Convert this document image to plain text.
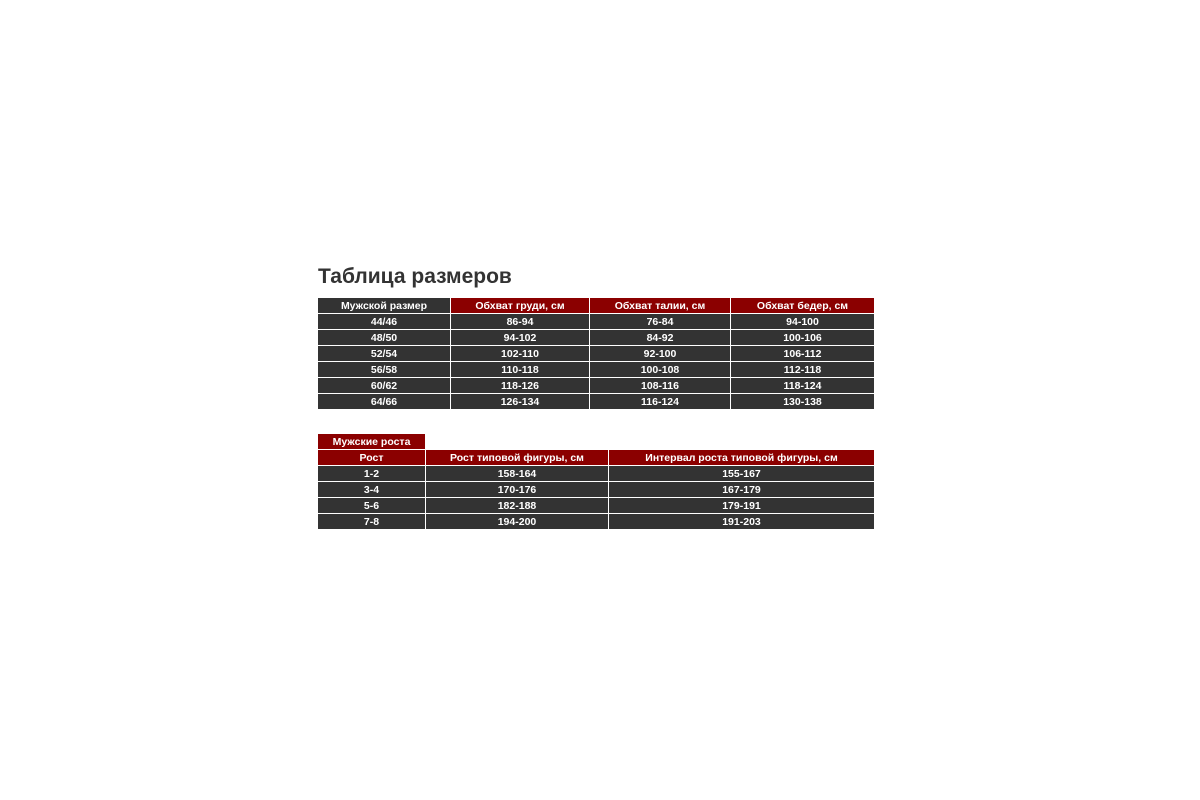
Таблица размеров
Мужской размер	Обхват груди, см	Обхват талии, см	Обхват бедер, см
44/46	86-94	76-84	94-100
48/50	94-102	84-92	100-106
52/54	102-110	92-100	106-112
56/58	110-118	100-108	112-118
60/62	118-126	108-116	118-124
64/66	126-134	116-124	130-138
Мужские роста		
Рост	Рост типовой фигуры, см	Интервал роста типовой фигуры, см
1-2	158-164	155-167
3-4	170-176	167-179
5-6	182-188	179-191
7-8	194-200	191-203
